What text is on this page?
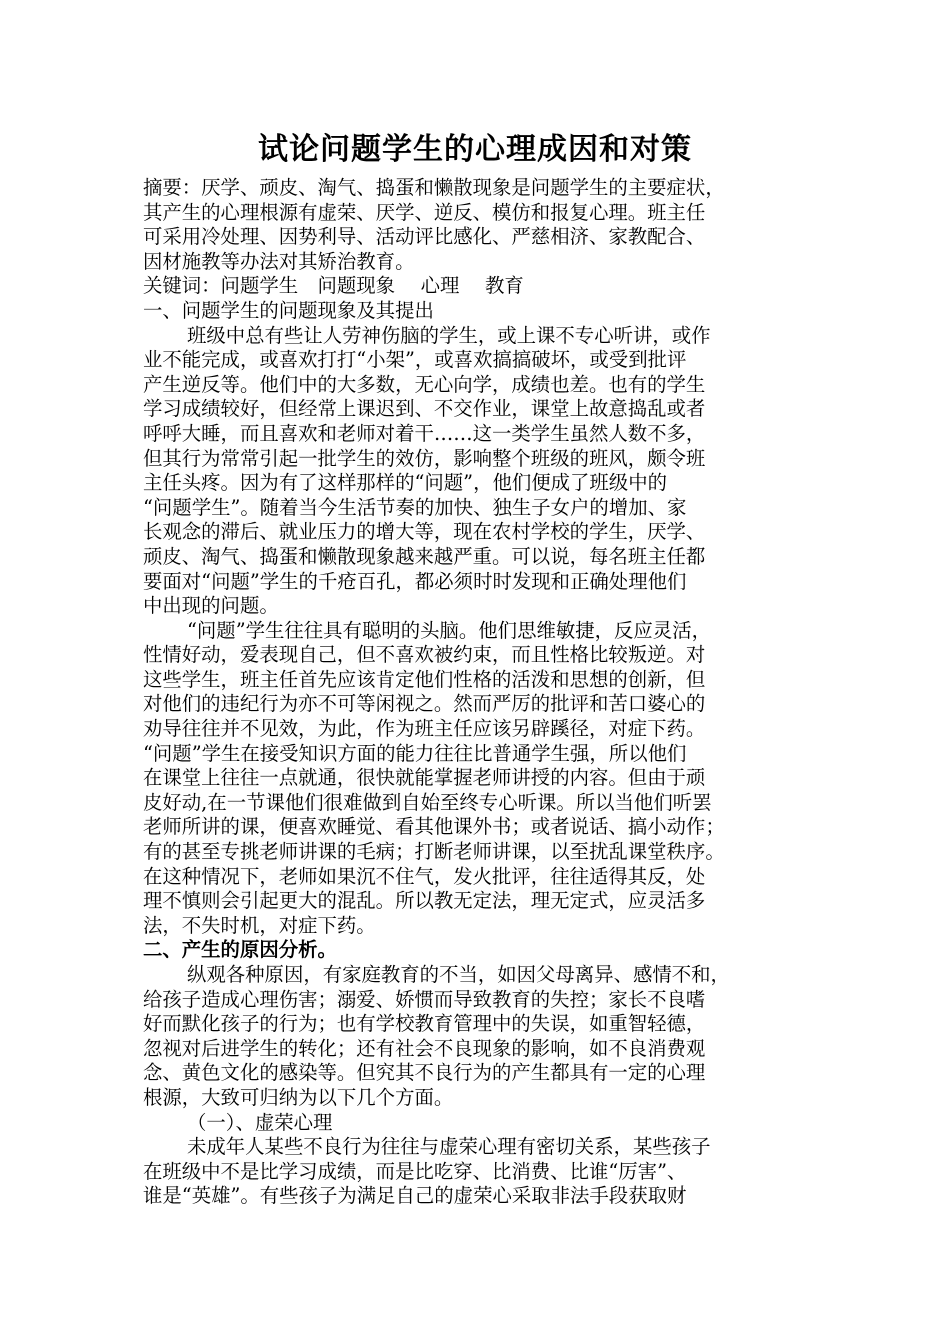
试论问题学生的心理成因和对策
摘要：厌学、顽皮、淘气、捣蛋和懒散现象是问题学生的主要症状，
其产生的心理根源有虚荣、厌学、逆反、模仿和报复心理。班主任
可采用冷处理、因势利导、活动评比感化、严慈相济、家教配合、
因材施教等办法对其矫治教育。
关键词：问题学生　问题现象　 心理　 教育
一、问题学生的问题现象及其提出
班级中总有些让人劳神伤脑的学生，或上课不专心听讲，或作
业不能完成，或喜欢打打“小架”，或喜欢搞搞破坏，或受到批评
产生逆反等。他们中的大多数，无心向学，成绩也差。也有的学生
学习成绩较好，但经常上课迟到、不交作业，课堂上故意捣乱或者
呼呼大睡，而且喜欢和老师对着干……这一类学生虽然人数不多，
但其行为常常引起一批学生的效仿，影响整个班级的班风，颇令班
主任头疼。因为有了这样那样的“问题”，他们便成了班级中的
“问题学生”。随着当今生活节奏的加快、独生子女户的增加、家
长观念的滞后、就业压力的增大等，现在农村学校的学生，厌学、
顽皮、淘气、捣蛋和懒散现象越来越严重。可以说，每名班主任都
要面对“问题”学生的千疮百孔，都必须时时发现和正确处理他们
中出现的问题。
“问题”学生往往具有聪明的头脑。他们思维敏捷，反应灵活，
性情好动，爱表现自己，但不喜欢被约束，而且性格比较叛逆。对
这些学生，班主任首先应该肯定他们性格的活泼和思想的创新，但
对他们的违纪行为亦不可等闲视之。然而严厉的批评和苦口婆心的
劝导往往并不见效，为此，作为班主任应该另辟蹊径，对症下药。
“问题”学生在接受知识方面的能力往往比普通学生强，所以他们
在课堂上往往一点就通，很快就能掌握老师讲授的内容。但由于顽
皮好动,在一节课他们很难做到自始至终专心听课。所以当他们听罢
老师所讲的课，便喜欢睡觉、看其他课外书；或者说话、搞小动作；
有的甚至专挑老师讲课的毛病；打断老师讲课，以至扰乱课堂秩序。
在这种情况下，老师如果沉不住气，发火批评，往往适得其反，处
理不慎则会引起更大的混乱。所以教无定法，理无定式，应灵活多
法，不失时机，对症下药。
二、产生的原因分析。
纵观各种原因，有家庭教育的不当，如因父母离异、感情不和，
给孩子造成心理伤害；溺爱、娇惯而导致教育的失控；家长不良嗜
好而默化孩子的行为；也有学校教育管理中的失误，如重智轻德，
忽视对后进学生的转化；还有社会不良现象的影响，如不良消费观
念、黄色文化的感染等。但究其不良行为的产生都具有一定的心理
根源，大致可归纳为以下几个方面。
（一）、虚荣心理
未成年人某些不良行为往往与虚荣心理有密切关系，某些孩子
在班级中不是比学习成绩，而是比吃穿、比消费、比谁“厉害”、
谁是“英雄”。有些孩子为满足自己的虚荣心采取非法手段获取财
